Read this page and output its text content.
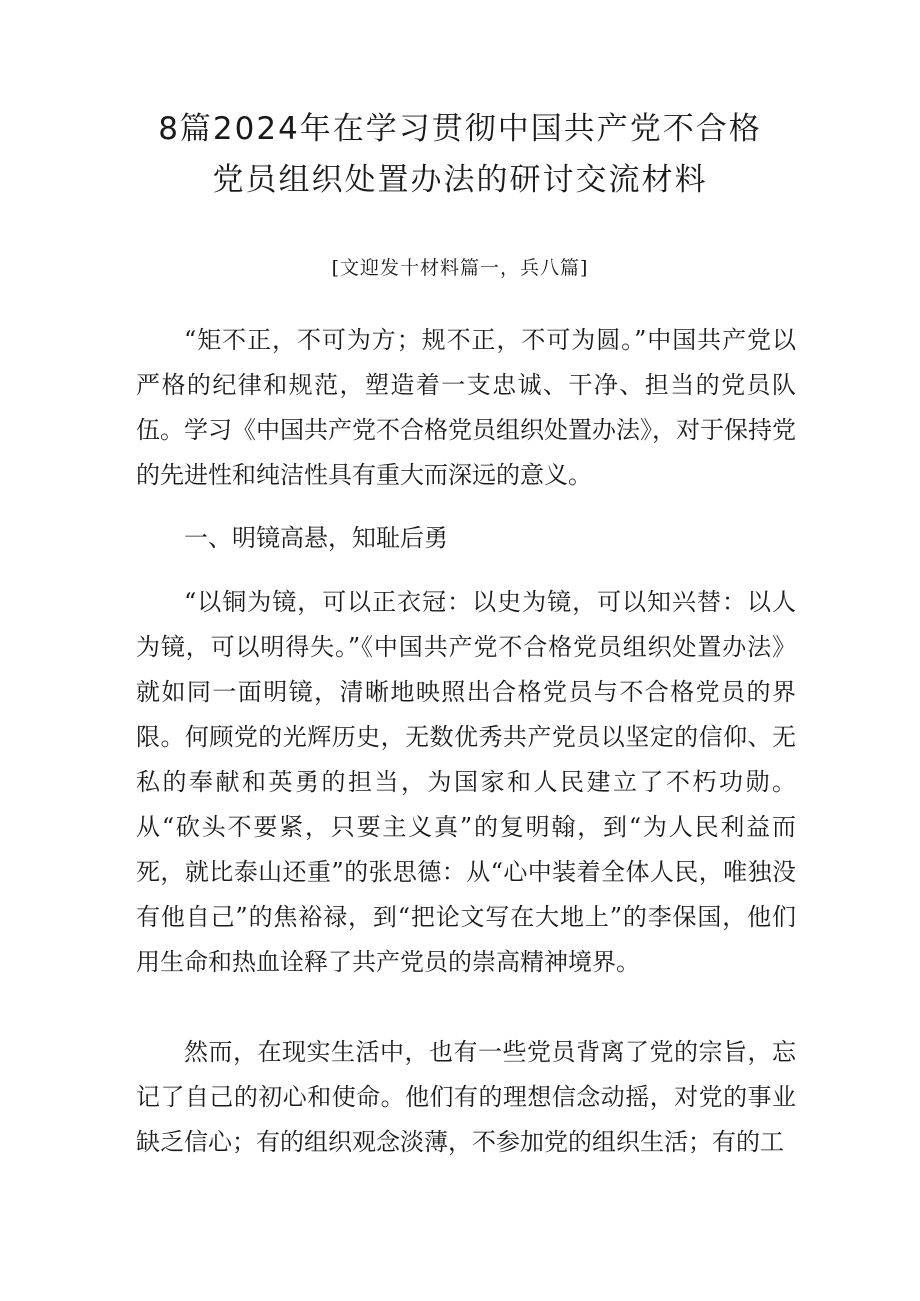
8篇2024年在学习贯彻中国共产党不合格
党员组织处置办法的研讨交流材料

[文迎发十材料篇一，兵八篇]

“矩不正，不可为方；规不正，不可为圆。”中国共产党以严格的纪律和规范，塑造着一支忠诚、干净、担当的党员队伍。学习《中国共产党不合格党员组织处置办法》，对于保持党的先进性和纯洁性具有重大而深远的意义。

一、明镜高悬，知耻后勇

“以铜为镜，可以正衣冠：以史为镜，可以知兴替：以人为镜，可以明得失。”《中国共产党不合格党员组织处置办法》就如同一面明镜，清晰地映照出合格党员与不合格党员的界限。何顾党的光辉历史，无数优秀共产党员以坚定的信仰、无私的奉献和英勇的担当，为国家和人民建立了不朽功勋。从“砍头不要紧，只要主义真”的复明翰，到“为人民利益而死，就比泰山还重”的张思德：从“心中装着全体人民，唯独没有他自己”的焦裕禄，到“把论文写在大地上”的李保国，他们用生命和热血诠释了共产党员的崇高精神境界。

然而，在现实生活中，也有一些党员背离了党的宗旨，忘记了自己的初心和使命。他们有的理想信念动摇，对党的事业缺乏信心；有的组织观念淡薄，不参加党的组织生活；有的工
